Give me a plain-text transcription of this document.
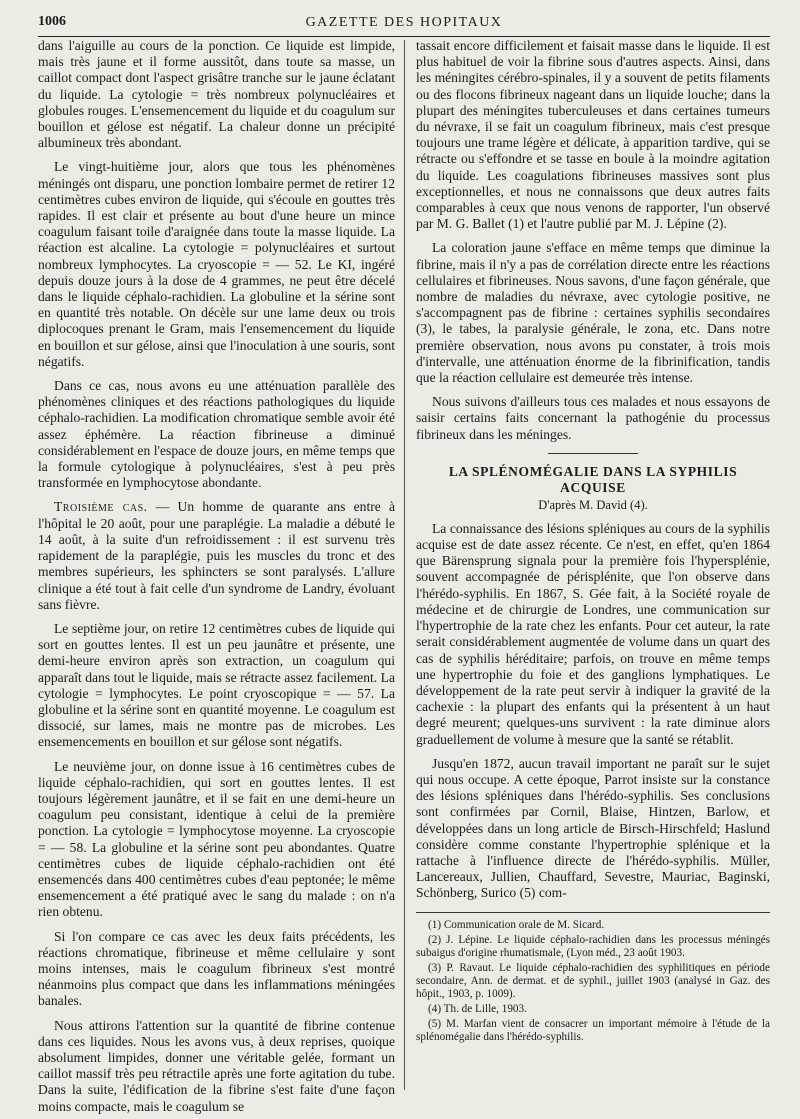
1006	GAZETTE DES HOPITAUX

dans l'aiguille au cours de la ponction. Ce liquide est limpide, mais très jaune et il forme aussitôt, dans toute sa masse, un caillot compact dont l'aspect grisâtre tranche sur le jaune éclatant du liquide. La cytologie = très nombreux polynucléaires et globules rouges. L'ensemencement du liquide et du coagulum sur bouillon et gélose est négatif. La chaleur donne un précipité albumineux très abondant.

Le vingt-huitième jour, alors que tous les phénomènes méningés ont disparu, une ponction lombaire permet de retirer 12 centimètres cubes environ de liquide, qui s'écoule en gouttes très rapides. Il est clair et présente au bout d'une heure un mince coagulum faisant toile d'araignée dans toute la masse liquide. La réaction est alcaline. La cytologie = polynucléaires et surtout nombreux lymphocytes. La cryoscopie = — 52. Le KI, ingéré depuis douze jours à la dose de 4 grammes, ne peut être décelé dans le liquide céphalo-rachidien. La globuline et la sérine sont en quantité très notable. On décèle sur une lame deux ou trois diplocoques prenant le Gram, mais l'ensemencement du liquide en bouillon et sur gélose, ainsi que l'inoculation à une souris, sont négatifs.

Dans ce cas, nous avons eu une atténuation parallèle des phénomènes cliniques et des réactions pathologiques du liquide céphalo-rachidien. La modification chromatique semble avoir été assez éphémère. La réaction fibrineuse a diminué considérablement en l'espace de douze jours, en même temps que la formule cytologique à polynucléaires, s'est à peu près transformée en lymphocytose abondante.

Troisième cas. — Un homme de quarante ans entre à l'hôpital le 20 août, pour une paraplégie. La maladie a débuté le 14 août, à la suite d'un refroidissement : il est survenu très rapidement de la paraplégie, puis les muscles du tronc et des membres supérieurs, les sphincters se sont paralysés. L'allure clinique a été tout à fait celle d'un syndrome de Landry, évoluant sans fièvre.

Le septième jour, on retire 12 centimètres cubes de liquide qui sort en gouttes lentes. Il est un peu jaunâtre et présente, une demi-heure environ après son extraction, un coagulum qui apparaît dans tout le liquide, mais se rétracte assez facilement. La cytologie = lymphocytes. Le point cryoscopique = — 57. La globuline et la sérine sont en quantité moyenne. Le coagulum est dissocié, sur lames, mais ne montre pas de microbes. Les ensemencements en bouillon et sur gélose sont négatifs.

Le neuvième jour, on donne issue à 16 centimètres cubes de liquide céphalo-rachidien, qui sort en gouttes lentes. Il est toujours légèrement jaunâtre, et il se fait en une demi-heure un coagulum peu consistant, identique à celui de la première ponction. La cytologie = lymphocytose moyenne. La cryoscopie = — 58. La globuline et la sérine sont peu abondantes. Quatre centimètres cubes de liquide céphalo-rachidien ont été ensemencés dans 400 centimètres cubes d'eau peptonée; le même ensemencement a été pratiqué avec le sang du malade : on n'a rien obtenu.

Si l'on compare ce cas avec les deux faits précédents, les réactions chromatique, fibrineuse et même cellulaire y sont moins intenses, mais le coagulum fibrineux s'est montré néanmoins plus compact que dans les inflammations méningées banales.

Nous attirons l'attention sur la quantité de fibrine contenue dans ces liquides. Nous les avons vus, à deux reprises, quoique absolument limpides, donner une véritable gelée, formant un caillot massif très peu rétractile après une forte agitation du tube. Dans la suite, l'édification de la fibrine s'est faite d'une façon moins compacte, mais le coagulum se

tassait encore difficilement et faisait masse dans le liquide. Il est plus habituel de voir la fibrine sous d'autres aspects. Ainsi, dans les méningites cérébro-spinales, il y a souvent de petits filaments ou des flocons fibrineux nageant dans un liquide louche; dans la plupart des méningites tuberculeuses et dans certaines tumeurs du névraxe, il se fait un coagulum fibrineux, mais c'est presque toujours une trame légère et délicate, à apparition tardive, qui se rétracte ou s'effondre et se tasse en boule à la moindre agitation du liquide. Les coagulations fibrineuses massives sont plus exceptionnelles, et nous ne connaissons que deux autres faits comparables à ceux que nous venons de rapporter, l'un observé par M. G. Ballet (1) et l'autre publié par M. J. Lépine (2).

La coloration jaune s'efface en même temps que diminue la fibrine, mais il n'y a pas de corrélation directe entre les réactions cellulaires et fibrineuses. Nous savons, d'une façon générale, que nombre de maladies du névraxe, avec cytologie positive, ne s'accompagnent pas de fibrine : certaines syphilis secondaires (3), le tabes, la paralysie générale, le zona, etc. Dans notre première observation, nous avons pu constater, à trois mois d'intervalle, une atténuation énorme de la fibrinification, tandis que la réaction cellulaire est demeurée très intense.

Nous suivons d'ailleurs tous ces malades et nous essayons de saisir certains faits concernant la pathogénie du processus fibrineux dans les méninges.

LA SPLÉNOMÉGALIE DANS LA SYPHILIS ACQUISE
D'après M. David (4).

La connaissance des lésions spléniques au cours de la syphilis acquise est de date assez récente. Ce n'est, en effet, qu'en 1864 que Bärensprung signala pour la première fois l'hypersplénie, souvent accompagnée de périsplénite, que l'on observe dans l'hérédo-syphilis. En 1867, S. Gée fait, à la Société royale de médecine et de chirurgie de Londres, une communication sur l'hypertrophie de la rate chez les enfants. Pour cet auteur, la rate serait considérablement augmentée de volume dans un quart des cas de syphilis héréditaire; parfois, on trouve en même temps une hypertrophie du foie et des ganglions lymphatiques. Le développement de la rate peut servir à indiquer la gravité de la cachexie : la plupart des enfants qui la présentent à un haut degré meurent; quelques-uns survivent : la rate diminue alors graduellement de volume à mesure que la santé se rétablit.

Jusqu'en 1872, aucun travail important ne paraît sur le sujet qui nous occupe. A cette époque, Parrot insiste sur la constance des lésions spléniques dans l'hérédo-syphilis. Ses conclusions sont confirmées par Cornil, Blaise, Hintzen, Barlow, et développées dans un long article de Birsch-Hirschfeld; Haslund considère comme constante l'hypertrophie splénique et la rattache à l'influence directe de l'hérédo-syphilis. Müller, Lancereaux, Jullien, Chauffard, Sevestre, Mauriac, Baginski, Schönberg, Surico (5) com-

(1) Communication orale de M. Sicard.
(2) J. Lépine. Le liquide céphalo-rachidien dans les processus méningés subaigus d'origine rhumatismale, (Lyon méd., 23 août 1903.
(3) P. Ravaut. Le liquide céphalo-rachidien des syphilitiques en période secondaire, Ann. de dermat. et de syphil., juillet 1903 (analysé in Gaz. des hôpit., 1903, p. 1009).
(4) Th. de Lille, 1903.
(5) M. Marfan vient de consacrer un important mémoire à l'étude de la splénomégalie dans l'hérédo-syphilis.
